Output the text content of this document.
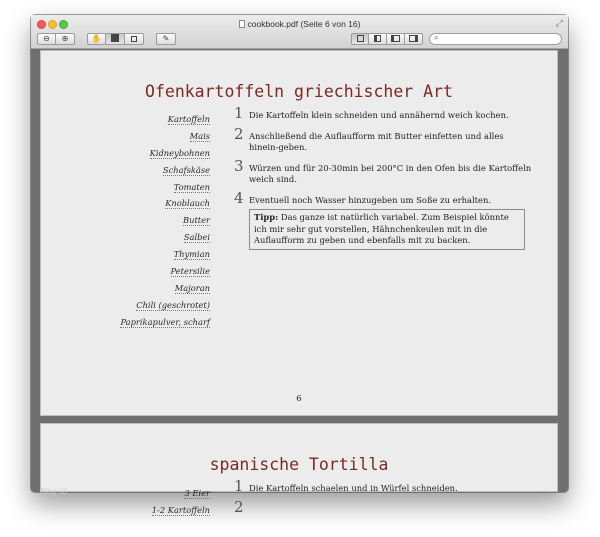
cookbook.pdf (Seite 6 von 16)	⤢
⊖	⊕	✋	✎	⌕
Ofenkartoffeln griechischer Art
Kartoffeln
Mais
Kidneybohnen
Schafskäse
Tomaten
Knoblauch
Butter
Salbei
Thymian
Petersilie
Majoran
Chili (geschrotet)
Paprikapulver, scharf
1 Die Kartoffeln klein schneiden und annähernd weich kochen.
2 Anschließend die Auflaufform mit Butter einfetten und alles hinein-geben.
3 Würzen und für 20-30min bei 200°C in den Ofen bis die Kartoffeln weich sind.
4 Eventuell noch Wasser hinzugeben um Soße zu erhalten.
Tipp: Das ganze ist natürlich variabel. Zum Beispiel könnte ich mir sehr gut vorstellen, Hähnchenkeulen mit in die Auflaufform zu geben und ebenfalls mit zu backen.
6
spanische Tortilla
3 Eier
1-2 Kartoffeln
1 Die Kartoffeln schaelen und in Würfel schneiden.
2
Blog-s3
